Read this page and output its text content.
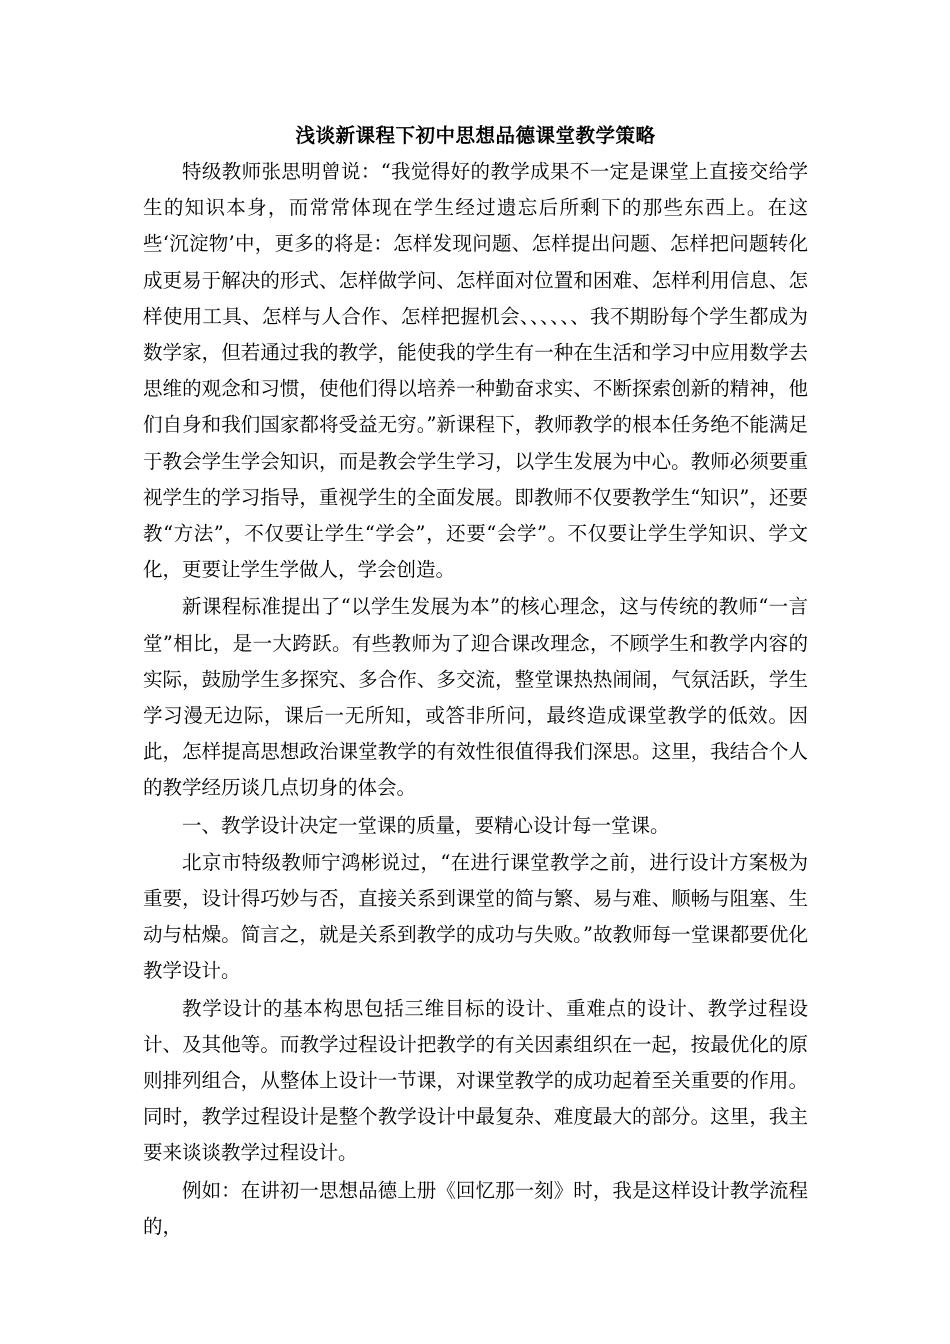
浅谈新课程下初中思想品德课堂教学策略

特级教师张思明曾说：“我觉得好的教学成果不一定是课堂上直接交给学生的知识本身，而常常体现在学生经过遗忘后所剩下的那些东西上。在这些‘沉淀物’中，更多的将是：怎样发现问题、怎样提出问题、怎样把问题转化成更易于解决的形式、怎样做学问、怎样面对位置和困难、怎样利用信息、怎样使用工具、怎样与人合作、怎样把握机会、、、、、、我不期盼每个学生都成为数学家，但若通过我的教学，能使我的学生有一种在生活和学习中应用数学去思维的观念和习惯，使他们得以培养一种勤奋求实、不断探索创新的精神，他们自身和我们国家都将受益无穷。”新课程下，教师教学的根本任务绝不能满足于教会学生学会知识，而是教会学生学习，以学生发展为中心。教师必须要重视学生的学习指导，重视学生的全面发展。即教师不仅要教学生“知识”，还要教“方法”，不仅要让学生“学会”，还要“会学”。不仅要让学生学知识、学文化，更要让学生学做人，学会创造。

新课程标准提出了“以学生发展为本”的核心理念，这与传统的教师“一言堂”相比，是一大跨跃。有些教师为了迎合课改理念，不顾学生和教学内容的实际，鼓励学生多探究、多合作、多交流，整堂课热热闹闹，气氛活跃，学生学习漫无边际，课后一无所知，或答非所问，最终造成课堂教学的低效。因此，怎样提高思想政治课堂教学的有效性很值得我们深思。这里，我结合个人的教学经历谈几点切身的体会。

一、教学设计决定一堂课的质量，要精心设计每一堂课。

北京市特级教师宁鸿彬说过，“在进行课堂教学之前，进行设计方案极为重要，设计得巧妙与否，直接关系到课堂的简与繁、易与难、顺畅与阻塞、生动与枯燥。简言之，就是关系到教学的成功与失败。”故教师每一堂课都要优化教学设计。

教学设计的基本构思包括三维目标的设计、重难点的设计、教学过程设计、及其他等。而教学过程设计把教学的有关因素组织在一起，按最优化的原则排列组合，从整体上设计一节课，对课堂教学的成功起着至关重要的作用。同时，教学过程设计是整个教学设计中最复杂、难度最大的部分。这里，我主要来谈谈教学过程设计。

例如：在讲初一思想品德上册《回忆那一刻》时，我是这样设计教学流程的，
